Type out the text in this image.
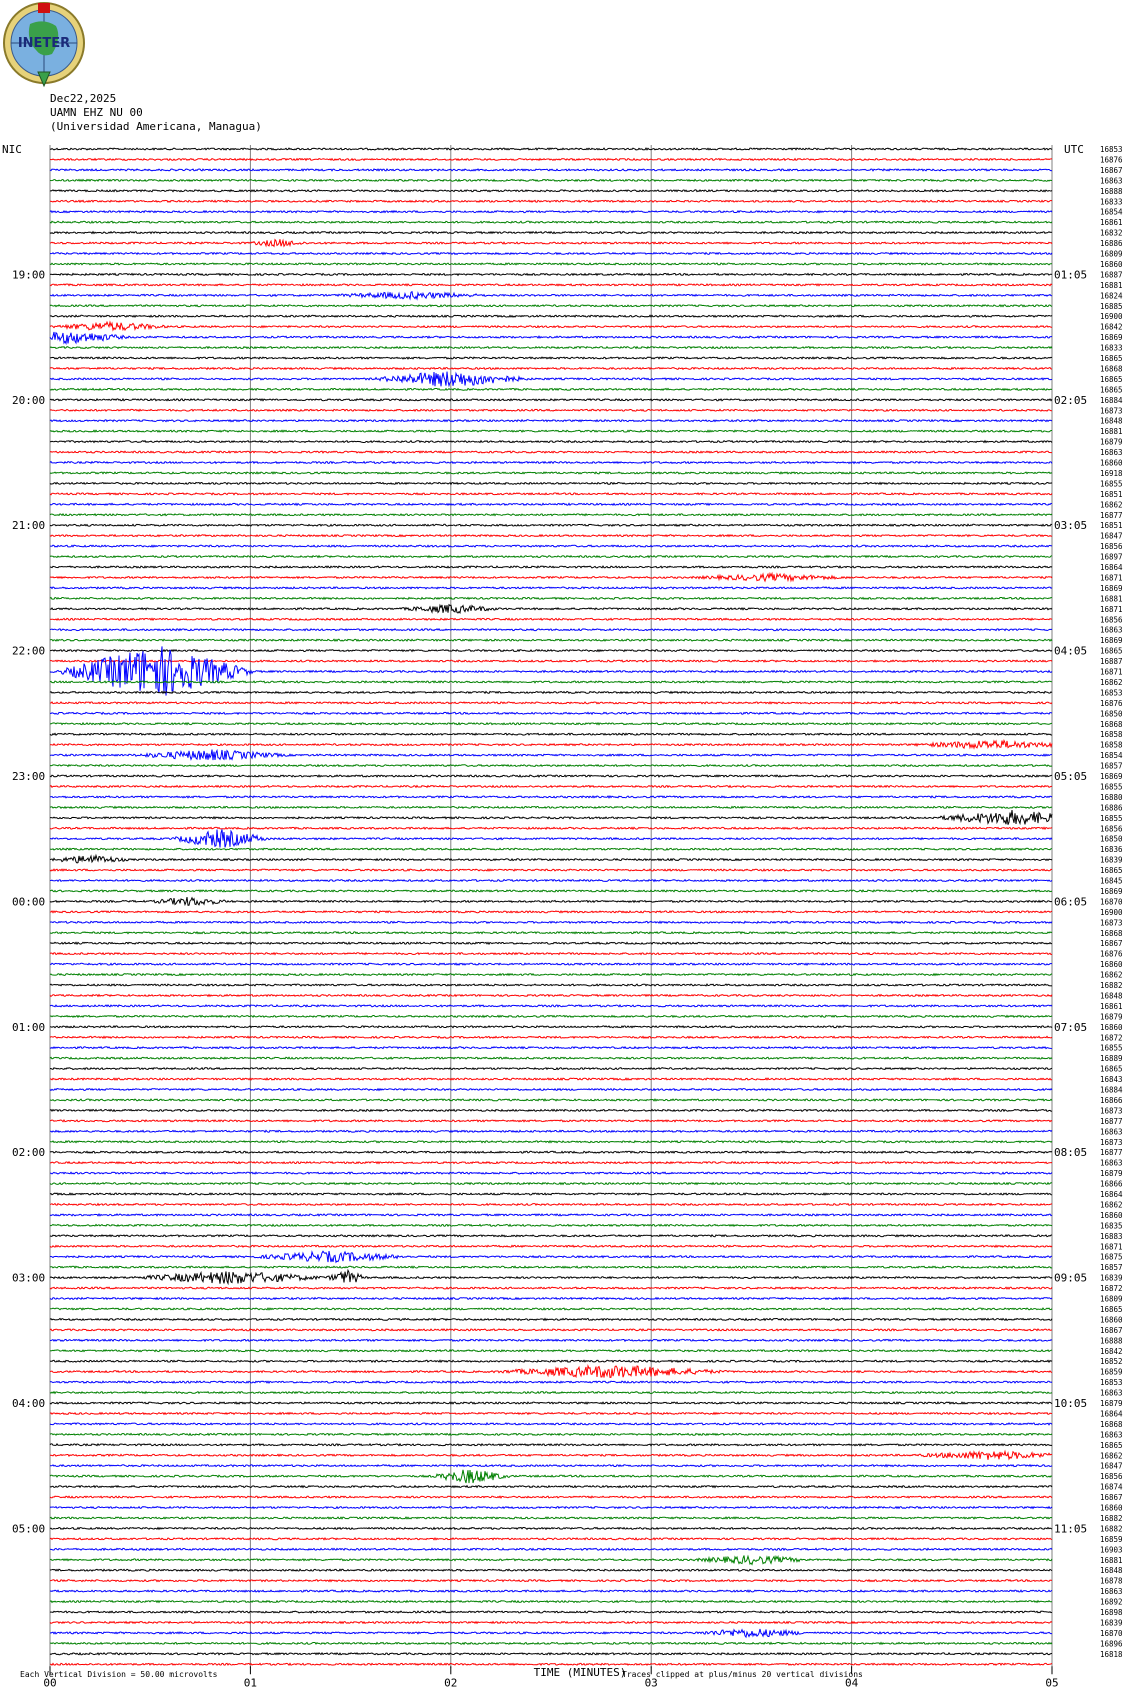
INETER
Dec22,2025
UAMN EHZ NU 00
(Universidad Americana, Managua)
16853
16876
16867
16863
16888
16833
16854
16861
16832
16886
16809
16860
16887
16881
16824
16885
16900
16842
16869
16833
16865
16868
16865
16865
16884
16873
16848
16881
16879
16863
16860
16918
16855
16851
16862
16877
16851
16847
16856
16897
16864
16871
16869
16881
16871
16856
16863
16869
16865
16887
16871
16862
16853
16876
16850
16868
16858
16858
16854
16857
16869
16855
16880
16886
16855
16856
16850
16836
16839
16865
16845
16869
16870
16900
16873
16868
16867
16876
16860
16862
16882
16848
16861
16879
16860
16872
16855
16889
16865
16843
16884
16866
16873
16877
16863
16873
16877
16863
16879
16866
16864
16862
16860
16835
16883
16871
16875
16857
16839
16872
16809
16865
16860
16867
16888
16842
16852
16859
16853
16863
16879
16864
16868
16863
16865
16862
16847
16856
16874
16867
16860
16882
16882
16859
16903
16881
16848
16878
16863
16892
16898
16839
16870
16896
16818
NIC	UTC
19:00	01:05
20:00	02:05
21:00	03:05
22:00	04:05
23:00	05:05
00:00	06:05
01:00	07:05
02:00	08:05
03:00	09:05
04:00	10:05
05:00	11:05
00	01	02	03	04	05
TIME (MINUTES)
Each Vertical Division = 50.00 microvolts	Traces clipped at plus/minus 20 vertical divisions
